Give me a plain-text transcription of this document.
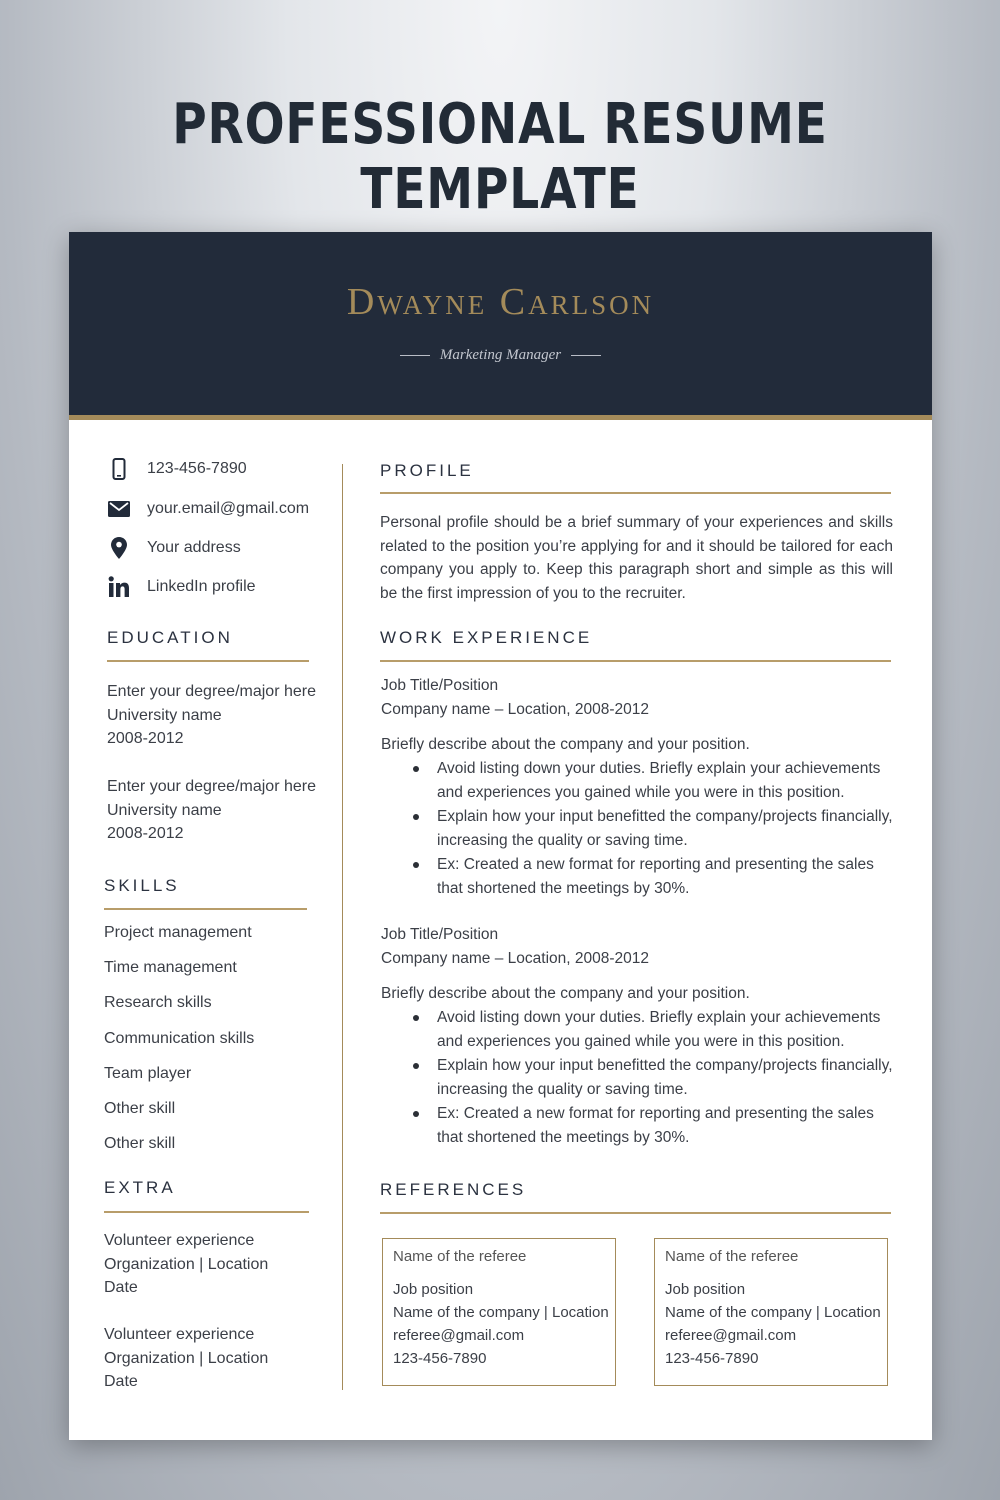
PROFESSIONAL RESUME TEMPLATE
Dwayne Carlson
Marketing Manager
123-456-7890
your.email@gmail.com
Your address
LinkedIn profile
EDUCATION
Enter your degree/major here
University name
2008-2012
Enter your degree/major here
University name
2008-2012
SKILLS
Project management
Time management
Research skills
Communication skills
Team player
Other skill
Other skill
EXTRA
Volunteer experience
Organization | Location
Date
Volunteer experience
Organization | Location
Date
PROFILE
Personal profile should be a brief summary of your experiences and skills related to the position you’re applying for and it should be tailored for each company you apply to. Keep this paragraph short and simple as this will be the first impression of you to the recruiter.
WORK EXPERIENCE
Job Title/Position
Company name – Location, 2008-2012
Briefly describe about the company and your position.
Avoid listing down your duties. Briefly explain your achievements and experiences you gained while you were in this position.
Explain how your input benefitted the company/projects financially, increasing the quality or saving time.
Ex: Created a new format for reporting and presenting the sales that shortened the meetings by 30%.
Job Title/Position
Company name – Location, 2008-2012
Briefly describe about the company and your position.
Avoid listing down your duties. Briefly explain your achievements and experiences you gained while you were in this position.
Explain how your input benefitted the company/projects financially, increasing the quality or saving time.
Ex: Created a new format for reporting and presenting the sales that shortened the meetings by 30%.
REFERENCES
Name of the referee
Job position
Name of the company | Location
referee@gmail.com
123-456-7890
Name of the referee
Job position
Name of the company | Location
referee@gmail.com
123-456-7890
